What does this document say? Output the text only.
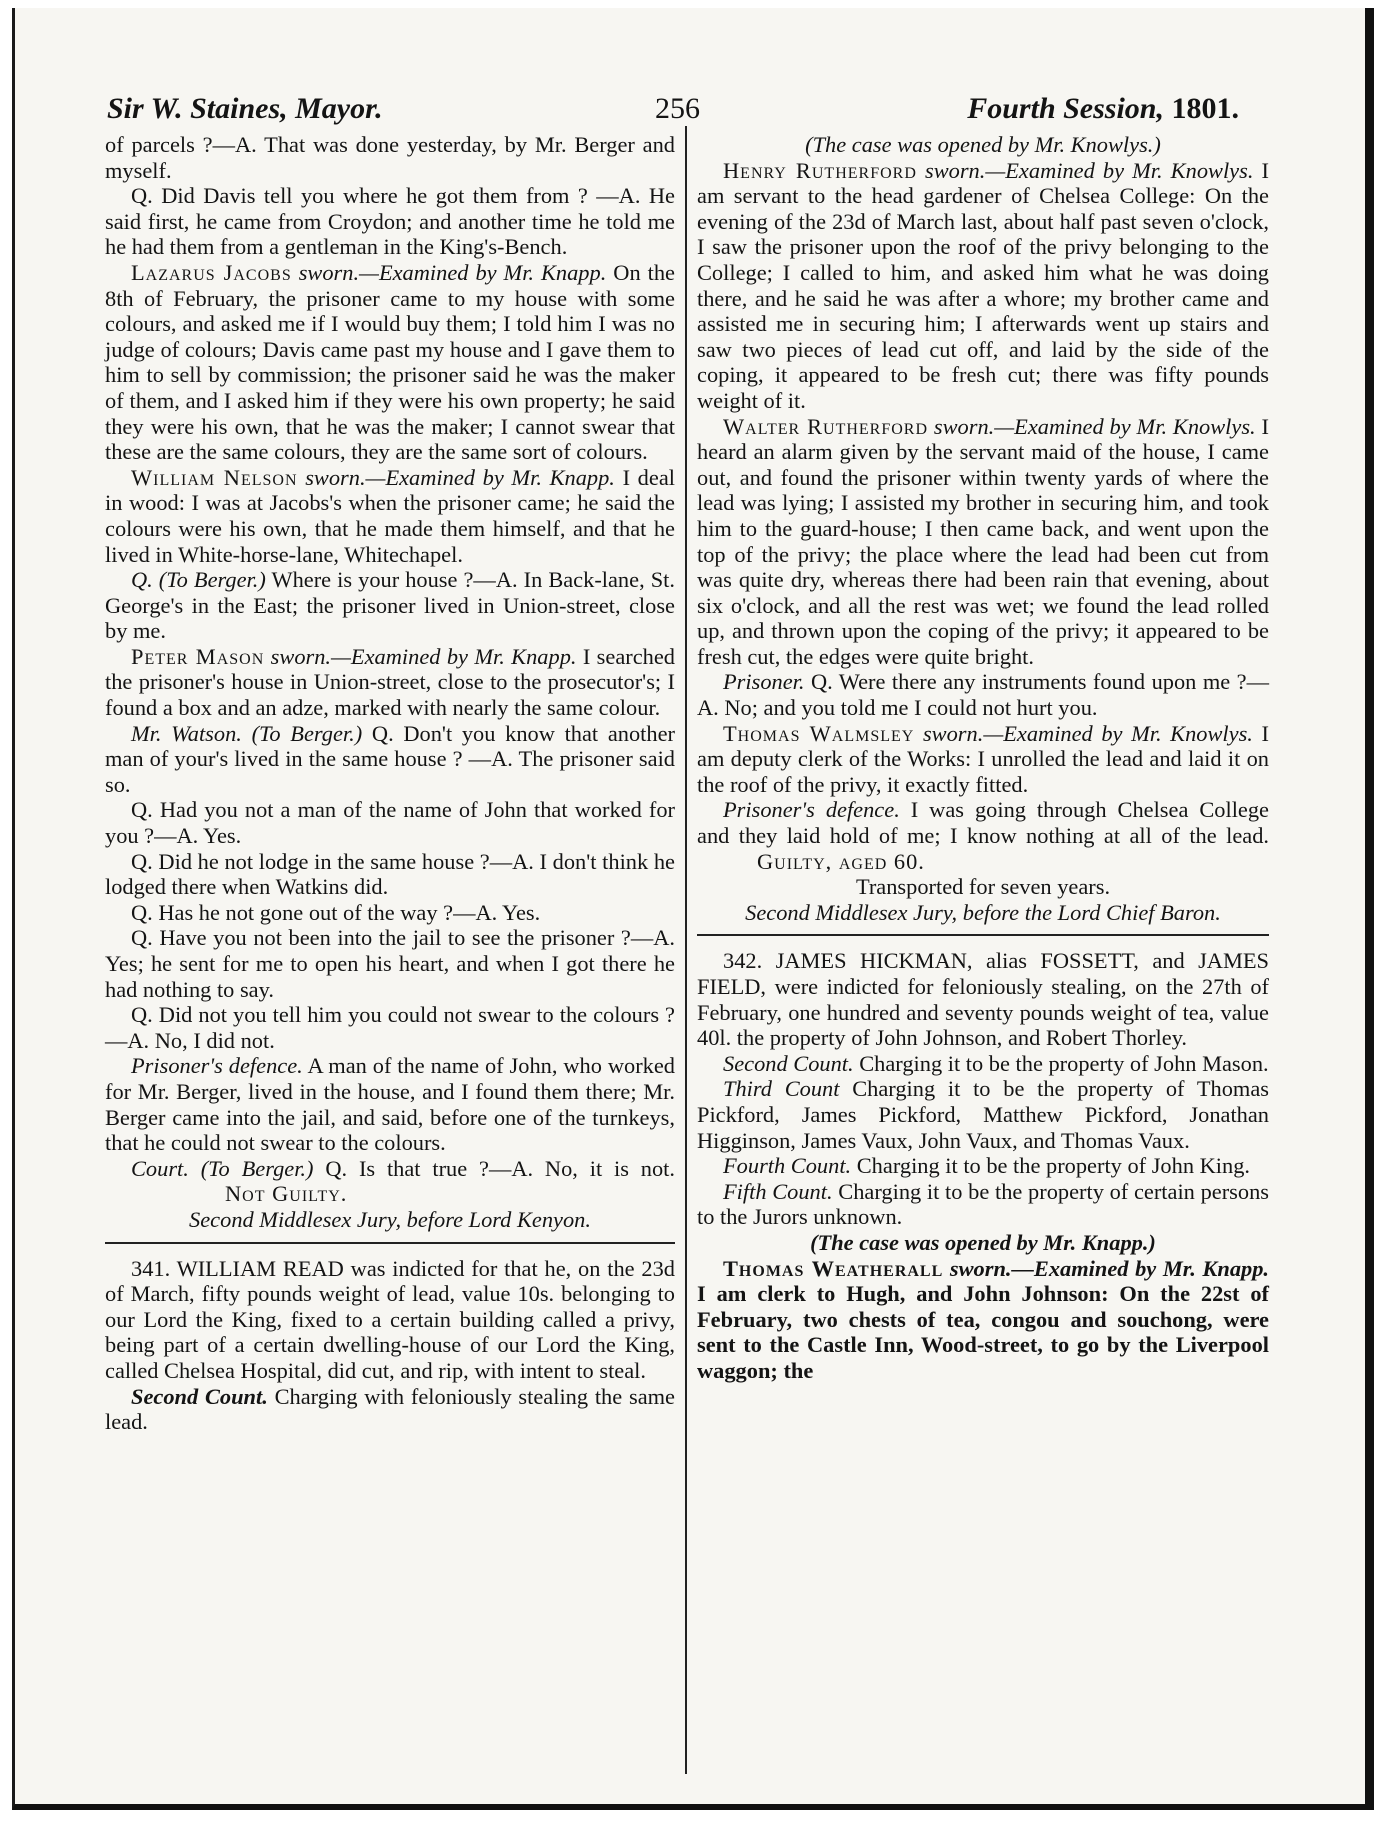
Sir W. Staines, Mayor.	256	Fourth Session, 1801.

of parcels ?—A. That was done yesterday, by Mr. Berger and myself.

Q. Did Davis tell you where he got them from ? —A. He said first, he came from Croydon; and another time he told me he had them from a gentleman in the King's-Bench.

Lazarus Jacobs sworn.—Examined by Mr. Knapp. On the 8th of February, the prisoner came to my house with some colours, and asked me if I would buy them; I told him I was no judge of colours; Davis came past my house and I gave them to him to sell by commission; the prisoner said he was the maker of them, and I asked him if they were his own property; he said they were his own, that he was the maker; I cannot swear that these are the same colours, they are the same sort of colours.

William Nelson sworn.—Examined by Mr. Knapp. I deal in wood: I was at Jacobs's when the prisoner came; he said the colours were his own, that he made them himself, and that he lived in White-horse-lane, Whitechapel.

Q. (To Berger.) Where is your house ?—A. In Back-lane, St. George's in the East; the prisoner lived in Union-street, close by me.

Peter Mason sworn.—Examined by Mr. Knapp. I searched the prisoner's house in Union-street, close to the prosecutor's; I found a box and an adze, marked with nearly the same colour.

Mr. Watson. (To Berger.) Q. Don't you know that another man of your's lived in the same house ? —A. The prisoner said so.

Q. Had you not a man of the name of John that worked for you ?—A. Yes.

Q. Did he not lodge in the same house ?—A. I don't think he lodged there when Watkins did.

Q. Has he not gone out of the way ?—A. Yes.

Q. Have you not been into the jail to see the prisoner ?—A. Yes; he sent for me to open his heart, and when I got there he had nothing to say.

Q. Did not you tell him you could not swear to the colours ?—A. No, I did not.

Prisoner's defence. A man of the name of John, who worked for Mr. Berger, lived in the house, and I found them there; Mr. Berger came into the jail, and said, before one of the turnkeys, that he could not swear to the colours.

Court. (To Berger.) Q. Is that true ?—A. No, it is not. Not Guilty.

Second Middlesex Jury, before Lord Kenyon.

341. WILLIAM READ was indicted for that he, on the 23d of March, fifty pounds weight of lead, value 10s. belonging to our Lord the King, fixed to a certain building called a privy, being part of a certain dwelling-house of our Lord the King, called Chelsea Hospital, did cut, and rip, with intent to steal.

Second Count. Charging with feloniously stealing the same lead.

(The case was opened by Mr. Knowlys.)

Henry Rutherford sworn.—Examined by Mr. Knowlys. I am servant to the head gardener of Chelsea College: On the evening of the 23d of March last, about half past seven o'clock, I saw the prisoner upon the roof of the privy belonging to the College; I called to him, and asked him what he was doing there, and he said he was after a whore; my brother came and assisted me in securing him; I afterwards went up stairs and saw two pieces of lead cut off, and laid by the side of the coping, it appeared to be fresh cut; there was fifty pounds weight of it.

Walter Rutherford sworn.—Examined by Mr. Knowlys. I heard an alarm given by the servant maid of the house, I came out, and found the prisoner within twenty yards of where the lead was lying; I assisted my brother in securing him, and took him to the guard-house; I then came back, and went upon the top of the privy; the place where the lead had been cut from was quite dry, whereas there had been rain that evening, about six o'clock, and all the rest was wet; we found the lead rolled up, and thrown upon the coping of the privy; it appeared to be fresh cut, the edges were quite bright.

Prisoner. Q. Were there any instruments found upon me ?—A. No; and you told me I could not hurt you.

Thomas Walmsley sworn.—Examined by Mr. Knowlys. I am deputy clerk of the Works: I unrolled the lead and laid it on the roof of the privy, it exactly fitted.

Prisoner's defence. I was going through Chelsea College and they laid hold of me; I know nothing at all of the lead. Guilty, aged 60.

Transported for seven years.

Second Middlesex Jury, before the Lord Chief Baron.

342. JAMES HICKMAN, alias FOSSETT, and JAMES FIELD, were indicted for feloniously stealing, on the 27th of February, one hundred and seventy pounds weight of tea, value 40l. the property of John Johnson, and Robert Thorley.

Second Count. Charging it to be the property of John Mason.

Third Count Charging it to be the property of Thomas Pickford, James Pickford, Matthew Pickford, Jonathan Higginson, James Vaux, John Vaux, and Thomas Vaux.

Fourth Count. Charging it to be the property of John King.

Fifth Count. Charging it to be the property of certain persons to the Jurors unknown.

(The case was opened by Mr. Knapp.)

Thomas Weatherall sworn.—Examined by Mr. Knapp. I am clerk to Hugh, and John Johnson: On the 22st of February, two chests of tea, congou and souchong, were sent to the Castle Inn, Wood-street, to go by the Liverpool waggon; the
